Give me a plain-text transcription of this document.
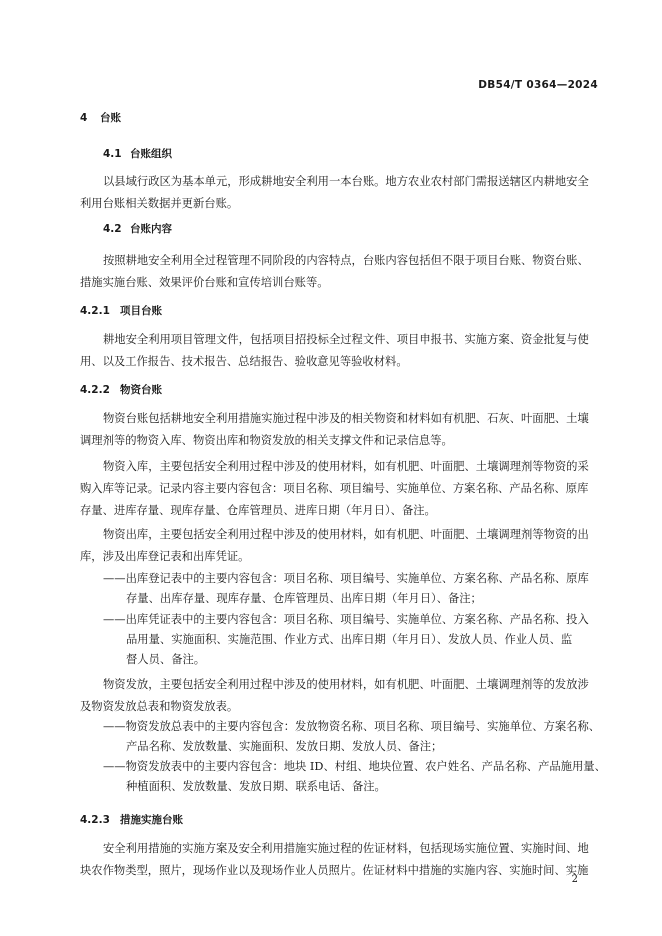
DB54/T 0364—2024
4 台账
4.1 台账组织
以县域行政区为基本单元，形成耕地安全利用一本台账。地方农业农村部门需报送辖区内耕地安全
利用台账相关数据并更新台账。
4.2 台账内容
按照耕地安全利用全过程管理不同阶段的内容特点，台账内容包括但不限于项目台账、物资台账、
措施实施台账、效果评价台账和宣传培训台账等。
4.2.1 项目台账
耕地安全利用项目管理文件，包括项目招投标全过程文件、项目申报书、实施方案、资金批复与使
用、以及工作报告、技术报告、总结报告、验收意见等验收材料。
4.2.2 物资台账
物资台账包括耕地安全利用措施实施过程中涉及的相关物资和材料如有机肥、石灰、叶面肥、土壤
调理剂等的物资入库、物资出库和物资发放的相关支撑文件和记录信息等。
物资入库，主要包括安全利用过程中涉及的使用材料，如有机肥、叶面肥、土壤调理剂等物资的采
购入库等记录。记录内容主要内容包含：项目名称、项目编号、实施单位、方案名称、产品名称、原库
存量、进库存量、现库存量、仓库管理员、进库日期（年月日）、备注。
物资出库，主要包括安全利用过程中涉及的使用材料，如有机肥、叶面肥、土壤调理剂等物资的出
库，涉及出库登记表和出库凭证。
——出库登记表中的主要内容包含：项目名称、项目编号、实施单位、方案名称、产品名称、原库
存量、出库存量、现库存量、仓库管理员、出库日期（年月日）、备注；
——出库凭证表中的主要内容包含：项目名称、项目编号、实施单位、方案名称、产品名称、投入
品用量、实施面积、实施范围、作业方式、出库日期（年月日）、发放人员、作业人员、监
督人员、备注。
物资发放，主要包括安全利用过程中涉及的使用材料，如有机肥、叶面肥、土壤调理剂等的发放涉
及物资发放总表和物资发放表。
——物资发放总表中的主要内容包含：发放物资名称、项目名称、项目编号、实施单位、方案名称、
产品名称、发放数量、实施面积、发放日期、发放人员、备注；
——物资发放表中的主要内容包含：地块 ID、村组、地块位置、农户姓名、产品名称、产品施用量、
种植面积、发放数量、发放日期、联系电话、备注。
4.2.3 措施实施台账
安全利用措施的实施方案及安全利用措施实施过程的佐证材料，包括现场实施位置、实施时间、地
块农作物类型，照片，现场作业以及现场作业人员照片。佐证材料中措施的实施内容、实施时间、实施
2
